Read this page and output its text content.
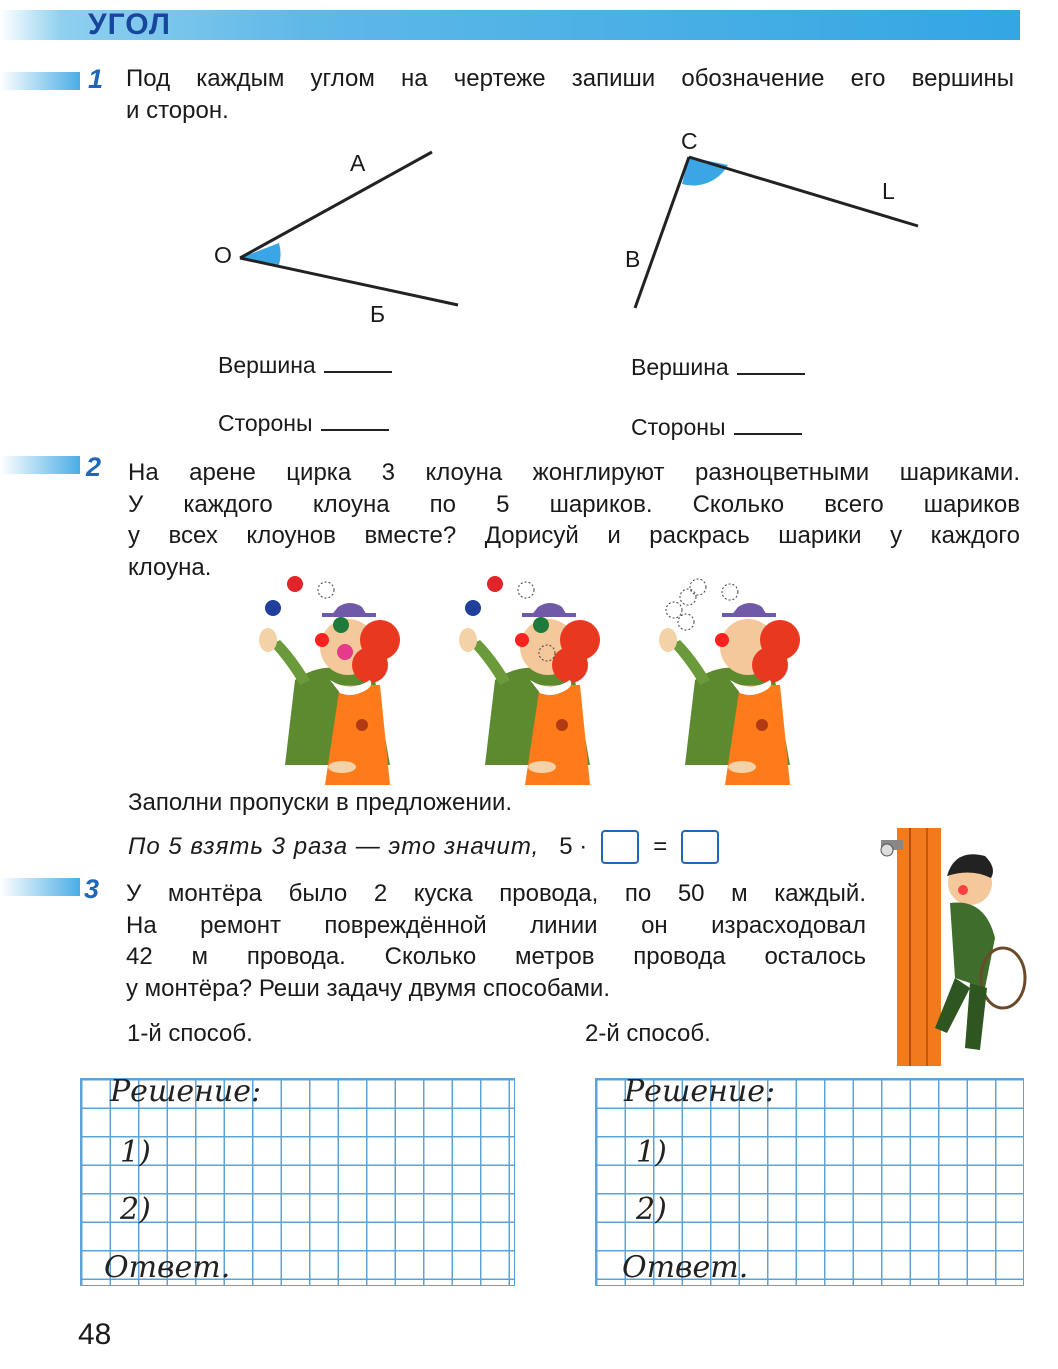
УГОЛ
1 Под каждым углом на чертеже запиши обозначение его вершины
и сторон.
О
А
Б
С
В
L
Вершина
Стороны
Вершина
Стороны
2 На арене цирка 3 клоуна жонглируют разноцветными шариками.
У каждого клоуна по 5 шариков. Сколько всего шариков
у всех клоунов вместе? Дорисуй и раскрась шарики у каждого
клоуна.
Заполни пропуски в предложении.
По 5 взять 3 раза — это значит, 5 ·	=
3 У монтёра было 2 куска провода, по 50 м каждый.
На ремонт повреждённой линии он израсходовал
42 м провода. Сколько метров провода осталось
у монтёра? Реши задачу двумя способами.
1-й способ.	2-й способ.
Решение:
1)
2)
Ответ.
Решение:
1)
2)
Ответ.
48
